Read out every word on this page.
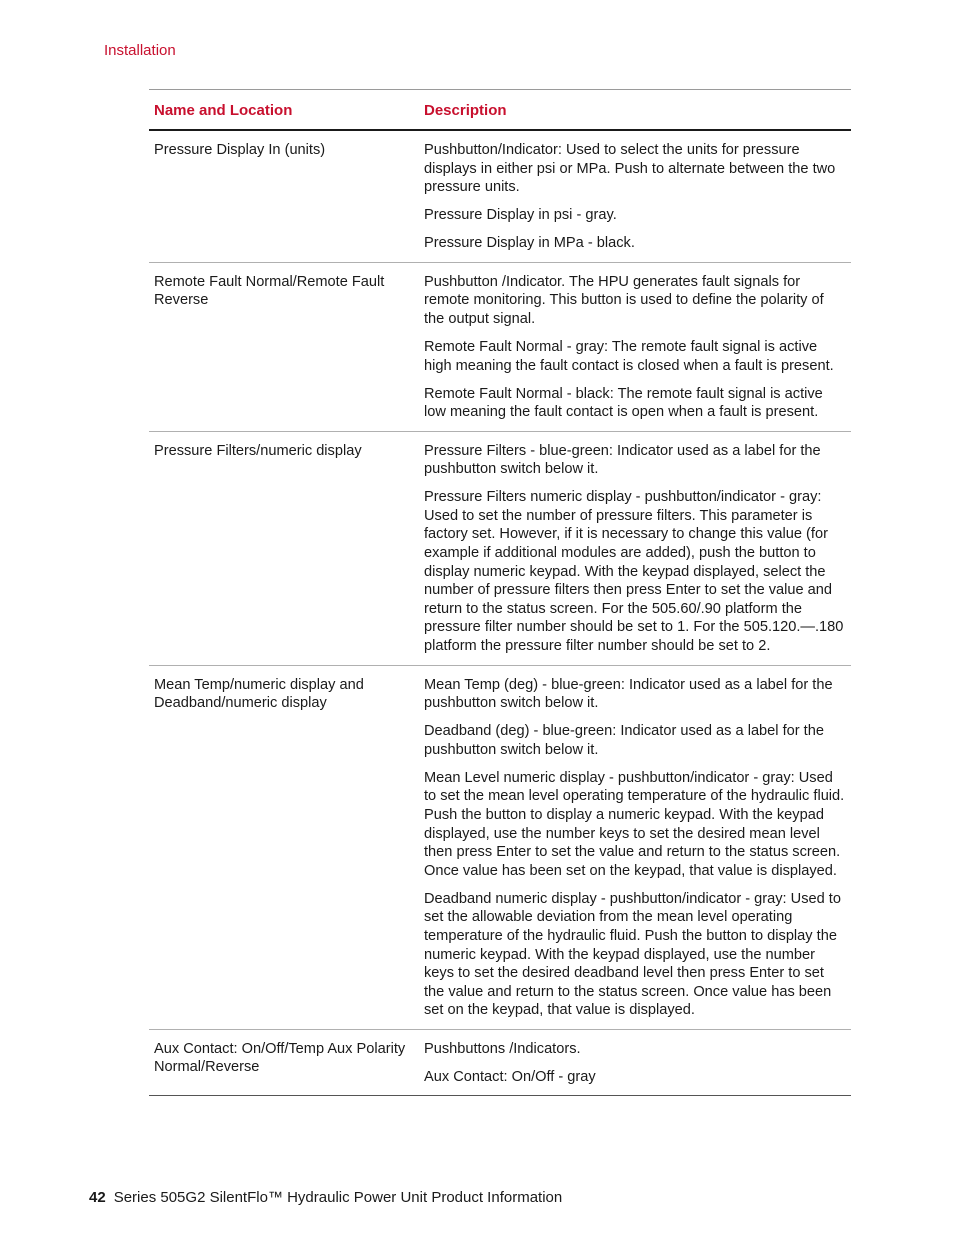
Installation
Name and Location	Description
Pressure Display In (units)	Pushbutton/Indicator: Used to select the units for pressure displays in either psi or MPa. Push to alternate between the two pressure units.

Pressure Display in psi - gray.

Pressure Display in MPa - black.

Remote Fault Normal/Remote Fault Reverse	Pushbutton /Indicator. The HPU generates fault signals for remote monitoring. This button is used to define the polarity of the output signal.

Remote Fault Normal - gray: The remote fault signal is active high meaning the fault contact is closed when a fault is present.

Remote Fault Normal - black: The remote fault signal is active low meaning the fault contact is open when a fault is present.

Pressure Filters/numeric display	Pressure Filters - blue-green: Indicator used as a label for the pushbutton switch below it.

Pressure Filters numeric display - pushbutton/indicator - gray: Used to set the number of pressure filters. This parameter is factory set. However, if it is necessary to change this value (for example if additional modules are added), push the button to display numeric keypad. With the keypad displayed, select the number of pressure filters then press Enter to set the value and return to the status screen. For the 505.60/.90 platform the pressure filter number should be set to 1. For the 505.120.—.180 platform the pressure filter number should be set to 2.

Mean Temp/numeric display and Deadband/numeric display	Mean Temp (deg) - blue-green: Indicator used as a label for the pushbutton switch below it.

Deadband (deg) - blue-green: Indicator used as a label for the pushbutton switch below it.

Mean Level numeric display - pushbutton/indicator - gray: Used to set the mean level operating temperature of the hydraulic fluid. Push the button to display a numeric keypad. With the keypad displayed, use the number keys to set the desired mean level then press Enter to set the value and return to the status screen. Once value has been set on the keypad, that value is displayed.

Deadband numeric display - pushbutton/indicator - gray: Used to set the allowable deviation from the mean level operating temperature of the hydraulic fluid. Push the button to display the numeric keypad. With the keypad displayed, use the number keys to set the desired deadband level then press Enter to set the value and return to the status screen. Once value has been set on the keypad, that value is displayed.

Aux Contact: On/Off/Temp Aux Polarity Normal/Reverse	Pushbuttons /Indicators.

Aux Contact: On/Off - gray

42 Series 505G2 SilentFlo™ Hydraulic Power Unit Product Information
